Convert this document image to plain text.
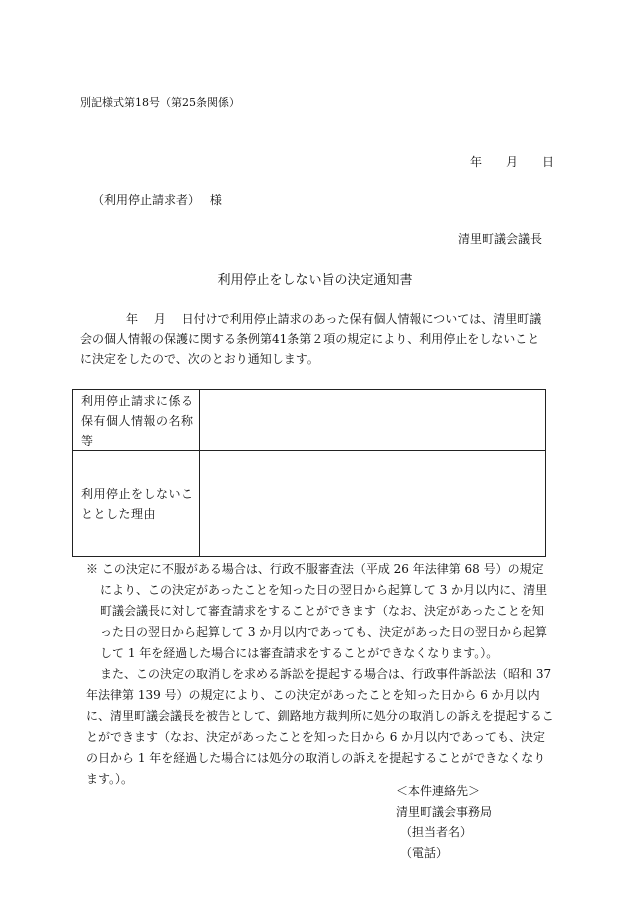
別記様式第18号（第25条関係）
年　　月　　日
（利用停止請求者）　 様
清里町議会議長
利用停止をしない旨の決定通知書

年　 月　 日付けで利用停止請求のあった保有個人情報については、清里町議会の個人情報の保護に関する条例第41条第２項の規定により、利用停止をしないことに決定をしたので、次のとおり通知します。

利用停止請求に係る保有個人情報の名称等
利用停止をしないこととした理由

※ この決定に不服がある場合は、行政不服審査法（平成 26 年法律第 68 号）の規定により、この決定があったことを知った日の翌日から起算して 3 か月以内に、清里町議会議長に対して審査請求をすることができます（なお、決定があったことを知った日の翌日から起算して 3 か月以内であっても、決定があった日の翌日から起算して 1 年を経過した場合には審査請求をすることができなくなります。）。

また、この決定の取消しを求める訴訟を提起する場合は、行政事件訴訟法（昭和 37 年法律第 139 号）の規定により、この決定があったことを知った日から 6 か月以内に、清里町議会議長を被告として、釧路地方裁判所に処分の取消しの訴えを提起することができます（なお、決定があったことを知った日から 6 か月以内であっても、決定の日から 1 年を経過した場合には処分の取消しの訴えを提起することができなくなります。）。

＜本件連絡先＞
清里町議会事務局
（担当者名）
（電話）
